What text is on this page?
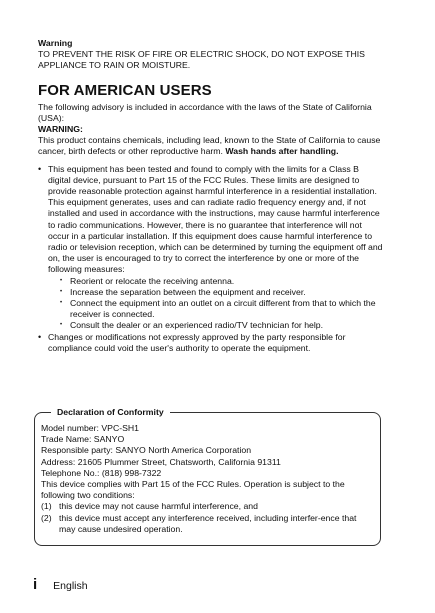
Warning

TO PREVENT THE RISK OF FIRE OR ELECTRIC SHOCK, DO NOT EXPOSE THIS APPLIANCE TO RAIN OR MOISTURE.

FOR AMERICAN USERS

The following advisory is included in accordance with the laws of the State of California (USA):

WARNING:

This product contains chemicals, including lead, known to the State of California to cause cancer, birth defects or other reproductive harm. Wash hands after handling.

• This equipment has been tested and found to comply with the limits for a Class B digital device, pursuant to Part 15 of the FCC Rules. These limits are designed to provide reasonable protection against harmful interference in a residential installation. This equipment generates, uses and can radiate radio frequency energy and, if not installed and used in accordance with the instructions, may cause harmful interference to radio communications. However, there is no guarantee that interference will not occur in a particular installation. If this equipment does cause harmful interference to radio or television reception, which can be determined by turning the equipment off and on, the user is encouraged to try to correct the interference by one or more of the following measures:
• Reorient or relocate the receiving antenna.
• Increase the separation between the equipment and receiver.
• Connect the equipment into an outlet on a circuit different from that to which the receiver is connected.
• Consult the dealer or an experienced radio/TV technician for help.
• Changes or modifications not expressly approved by the party responsible for compliance could void the user's authority to operate the equipment.
Declaration of Conformity

Model number: VPC-SH1

Trade Name: SANYO

Responsible party: SANYO North America Corporation

Address: 21605 Plummer Street, Chatsworth, California 91311

Telephone No.: (818) 998-7322

This device complies with Part 15 of the FCC Rules. Operation is subject to the following two conditions:

(1) this device may not cause harmful interference, and
(2) this device must accept any interference received, including interfer-ence that may cause undesired operation.
i English
